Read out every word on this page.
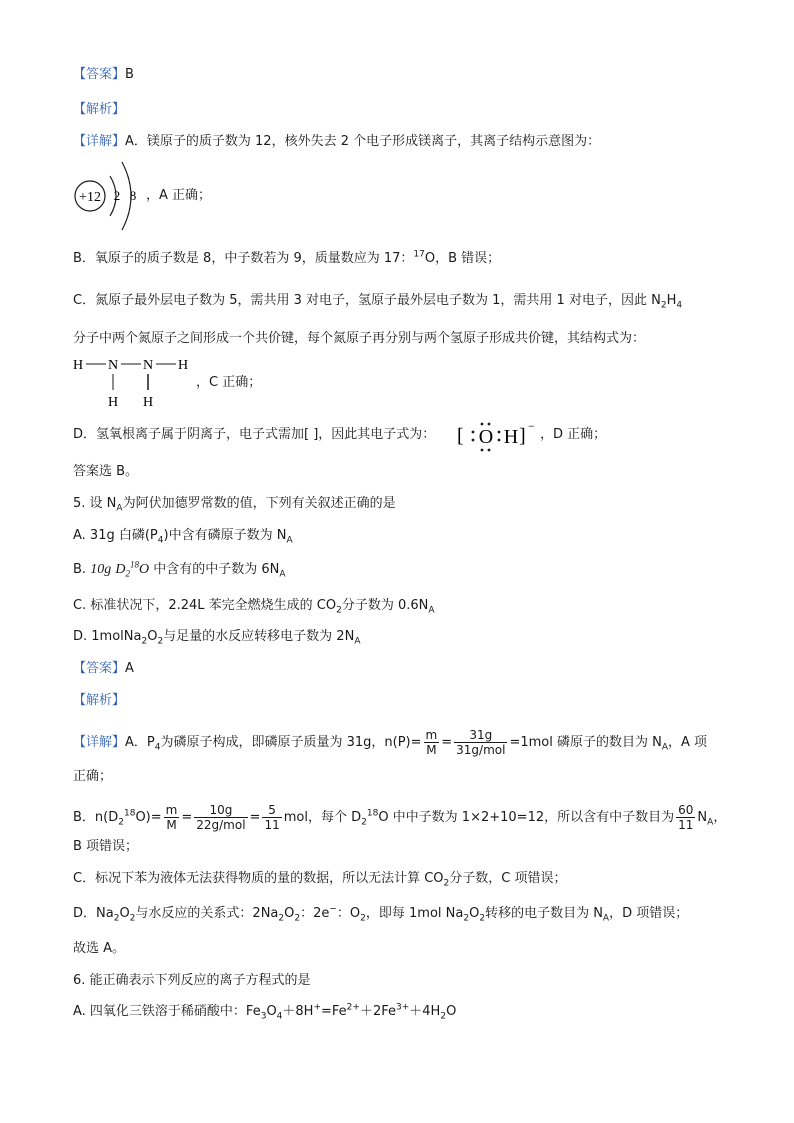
【答案】B
【解析】
【详解】A．镁原子的质子数为 12，核外失去 2 个电子形成镁离子，其离子结构示意图为：
+12 2 8 ，A 正确；
B．氧原子的质子数是 8，中子数若为 9，质量数应为 17：$^{17}$O，B 错误；
C．氮原子最外层电子数为 5，需共用 3 对电子，氢原子最外层电子数为 1，需共用 1 对电子，因此 $N_2H_4$
分子中两个氮原子之间形成一个共价键，每个氮原子再分别与两个氢原子形成共价键，其结构式为：
H N N H
H H
，C 正确；
D．氢氧根离子属于阴离子，电子式需加[ ]，因此其电子式为： [ O H ] −
，D 正确；
答案选 B。
5. 设 $N_A$为阿伏加德罗常数的值，下列有关叙述正确的是
A. 31g 白磷$(P_4)$中含有磷原子数为 $N_A$
B. 10g $D_2^{18}O$ 中含有的中子数为 $6N_A$
C. 标准状况下，2.24L 苯完全燃烧生成的 $CO_2$分子数为 $0.6N_A$
D. $1molNa_2O_2$与足量的水反应转移电子数为 $2N_A$
【答案】A
【解析】
【详解】A．$P_4$为磷原子构成，即磷原子质量为 31g，$n(P)= \frac{m}{M} = \frac{31g}{\text{31g/mol}} =1mol$ 磷原子的数目为 $N_A$，A 项
正确；
B．$n(D_2^{18}O)= \frac{m}{M} = \frac{10g}{\text{22g/mol}} = \frac{5}{11}$ mol，每个 $D_2^{18}O$ 中中子数为 1×2+10=12，所以含有中子数目为 $\frac{60}{11} N_A$，
B 项错误；
C．标况下苯为液体无法获得物质的量的数据，所以无法计算 $CO_2$分子数，C 项错误；
D．$Na_2O_2$与水反应的关系式：$2Na_2O_2$：2e−：$O_2$，即每 1mol $Na_2O_2$转移的电子数目为 $N_A$，D 项错误；
故选 A。
6. 能正确表示下列反应的离子方程式的是
A. 四氧化三铁溶于稀硝酸中：$Fe_3O_4+8H^+=Fe^{2+}+2Fe^{3+}+4H_2O$
